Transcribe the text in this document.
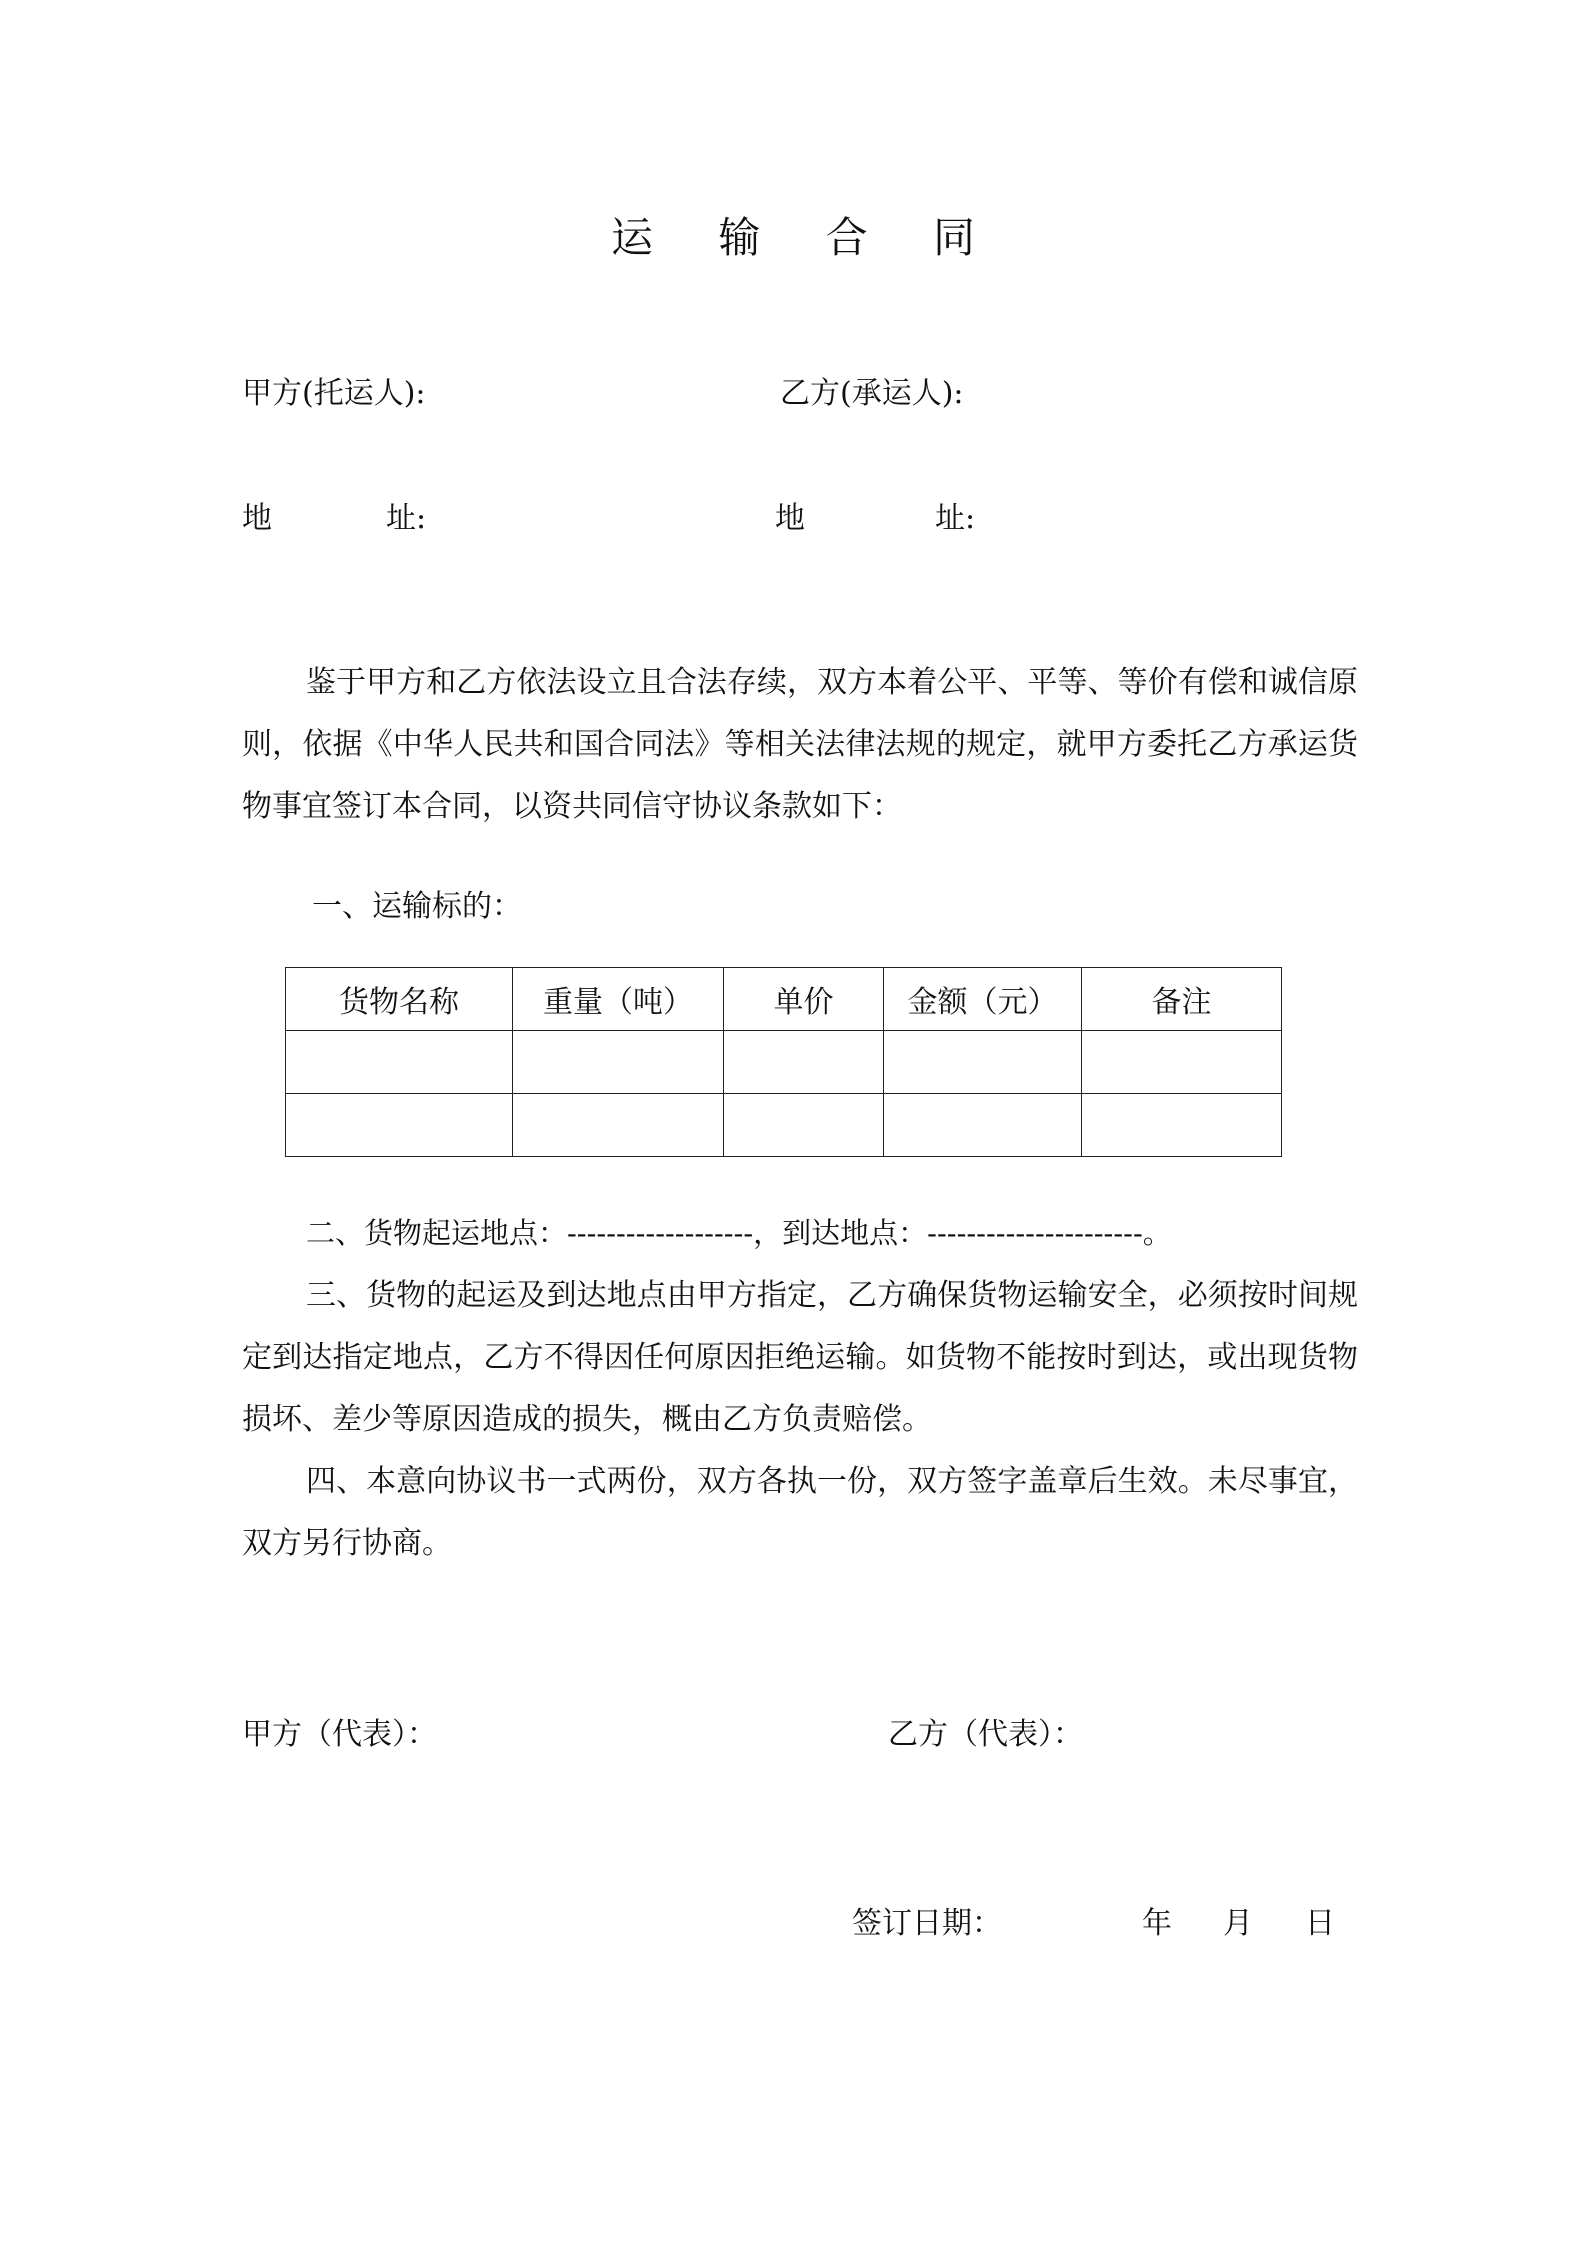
运 输 合 同
甲方(托运人):	乙方(承运人):
地	址:	地	址:
鉴于甲方和乙方依法设立且合法存续，双方本着公平、平等、等价有偿和诚信原则，依据《中华人民共和国合同法》等相关法律法规的规定，就甲方委托乙方承运货物事宜签订本合同，以资共同信守协议条款如下：
一、运输标的：
货物名称	重量（吨）	单价	金额（元）	备注

二、货物起运地点：-------------------，到达地点：----------------------。
三、货物的起运及到达地点由甲方指定，乙方确保货物运输安全，必须按时间规定到达指定地点，乙方不得因任何原因拒绝运输。如货物不能按时到达，或出现货物损坏、差少等原因造成的损失，概由乙方负责赔偿。
四、本意向协议书一式两份，双方各执一份，双方签字盖章后生效。未尽事宜，双方另行协商。
甲方（代表）：	乙方（代表）：
签订日期：	年 月 日
